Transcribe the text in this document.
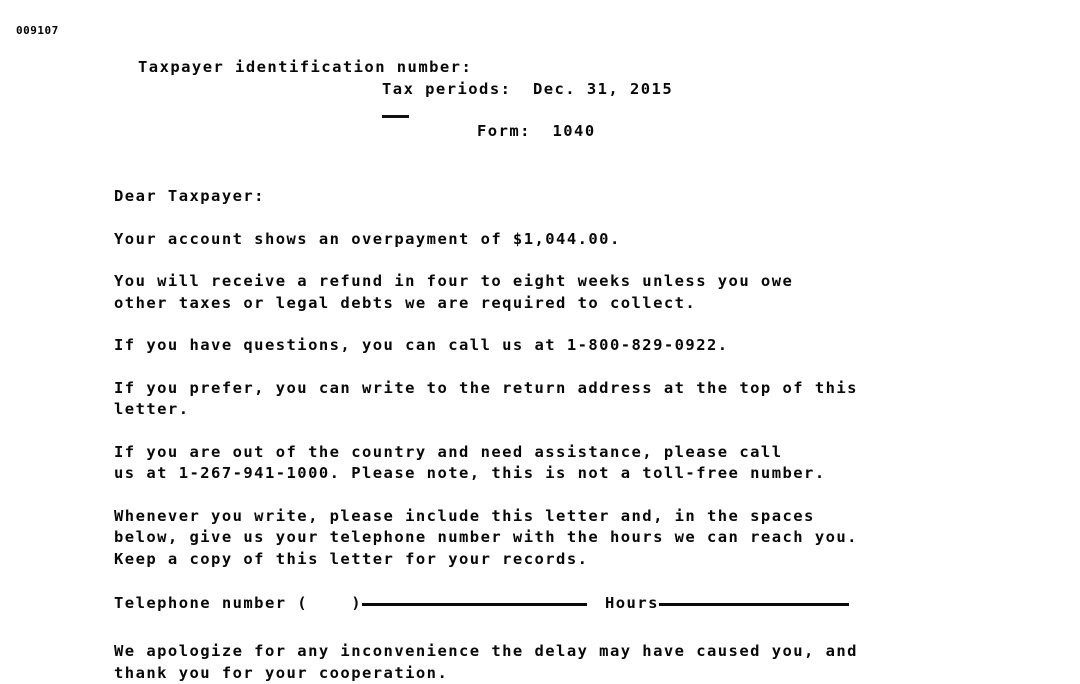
009107
Taxpayer identification number:
Tax periods:  Dec. 31, 2015
Form:  1040
Dear Taxpayer:
Your account shows an overpayment of $1,044.00.
You will receive a refund in four to eight weeks unless you owe
other taxes or legal debts we are required to collect.
If you have questions, you can call us at 1-800-829-0922.
If you prefer, you can write to the return address at the top of this
letter.
If you are out of the country and need assistance, please call
us at 1-267-941-1000. Please note, this is not a toll-free number.
Whenever you write, please include this letter and, in the spaces
below, give us your telephone number with the hours we can reach you.
Keep a copy of this letter for your records.
Telephone number (    )	Hours
We apologize for any inconvenience the delay may have caused you, and
thank you for your cooperation.
